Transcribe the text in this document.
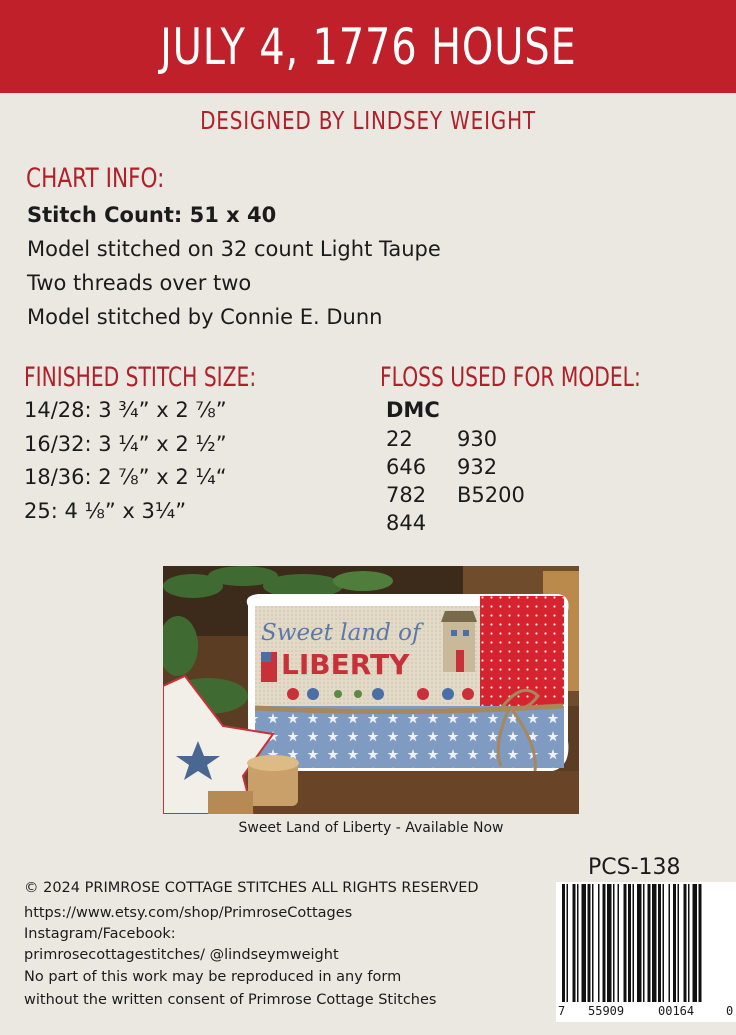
JULY 4, 1776 HOUSE
DESIGNED BY LINDSEY WEIGHT
CHART INFO:
Stitch Count: 51 x 40
Model stitched on 32 count Light Taupe
Two threads over two
Model stitched by Connie E. Dunn
FINISHED STITCH SIZE:
14/28: 3 ¾” x 2 ⅞”
16/32: 3 ¼” x 2 ½”
18/36: 2 ⅞” x 2 ¼“
25: 4 ⅛” x 3¼”
FLOSS USED FOR MODEL:
DMC
22
646
782
844
930
932
B5200
Sweet land of
LIBERTY
Sweet Land of Liberty - Available Now
© 2024 PRIMROSE COTTAGE STITCHES ALL RIGHTS RESERVED
https://www.etsy.com/shop/PrimroseCottages
Instagram/Facebook:
primrosecottagestitches/ @lindseymweight
No part of this work may be reproduced in any form
without the written consent of Primrose Cottage Stitches
PCS-138
7 55909	00164	0
